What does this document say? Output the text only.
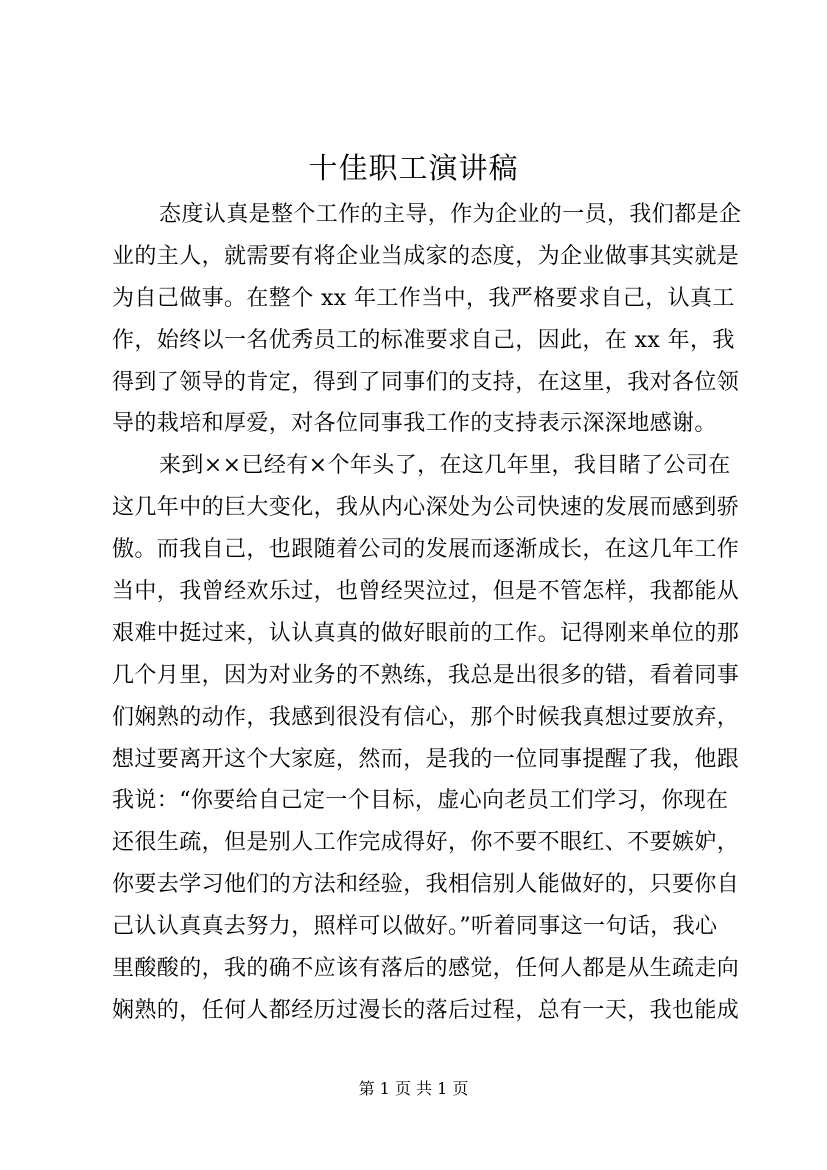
十佳职工演讲稿
态度认真是整个工作的主导，作为企业的一员，我们都是企
业的主人，就需要有将企业当成家的态度，为企业做事其实就是
为自己做事。在整个 xx 年工作当中，我严格要求自己，认真工
作，始终以一名优秀员工的标准要求自己，因此，在 xx 年，我
得到了领导的肯定，得到了同事们的支持，在这里，我对各位领
导的栽培和厚爱，对各位同事我工作的支持表示深深地感谢。
来到××已经有×个年头了，在这几年里，我目睹了公司在
这几年中的巨大变化，我从内心深处为公司快速的发展而感到骄
傲。而我自己，也跟随着公司的发展而逐渐成长，在这几年工作
当中，我曾经欢乐过，也曾经哭泣过，但是不管怎样，我都能从
艰难中挺过来，认认真真的做好眼前的工作。记得刚来单位的那
几个月里，因为对业务的不熟练，我总是出很多的错，看着同事
们娴熟的动作，我感到很没有信心，那个时候我真想过要放弃，
想过要离开这个大家庭，然而，是我的一位同事提醒了我，他跟
我说：“你要给自己定一个目标，虚心向老员工们学习，你现在
还很生疏，但是别人工作完成得好，你不要不眼红、不要嫉妒，
你要去学习他们的方法和经验，我相信别人能做好的，只要你自
己认认真真去努力，照样可以做好。”听着同事这一句话，我心
里酸酸的，我的确不应该有落后的感觉，任何人都是从生疏走向
娴熟的，任何人都经历过漫长的落后过程，总有一天，我也能成
第 1 页 共 1 页
